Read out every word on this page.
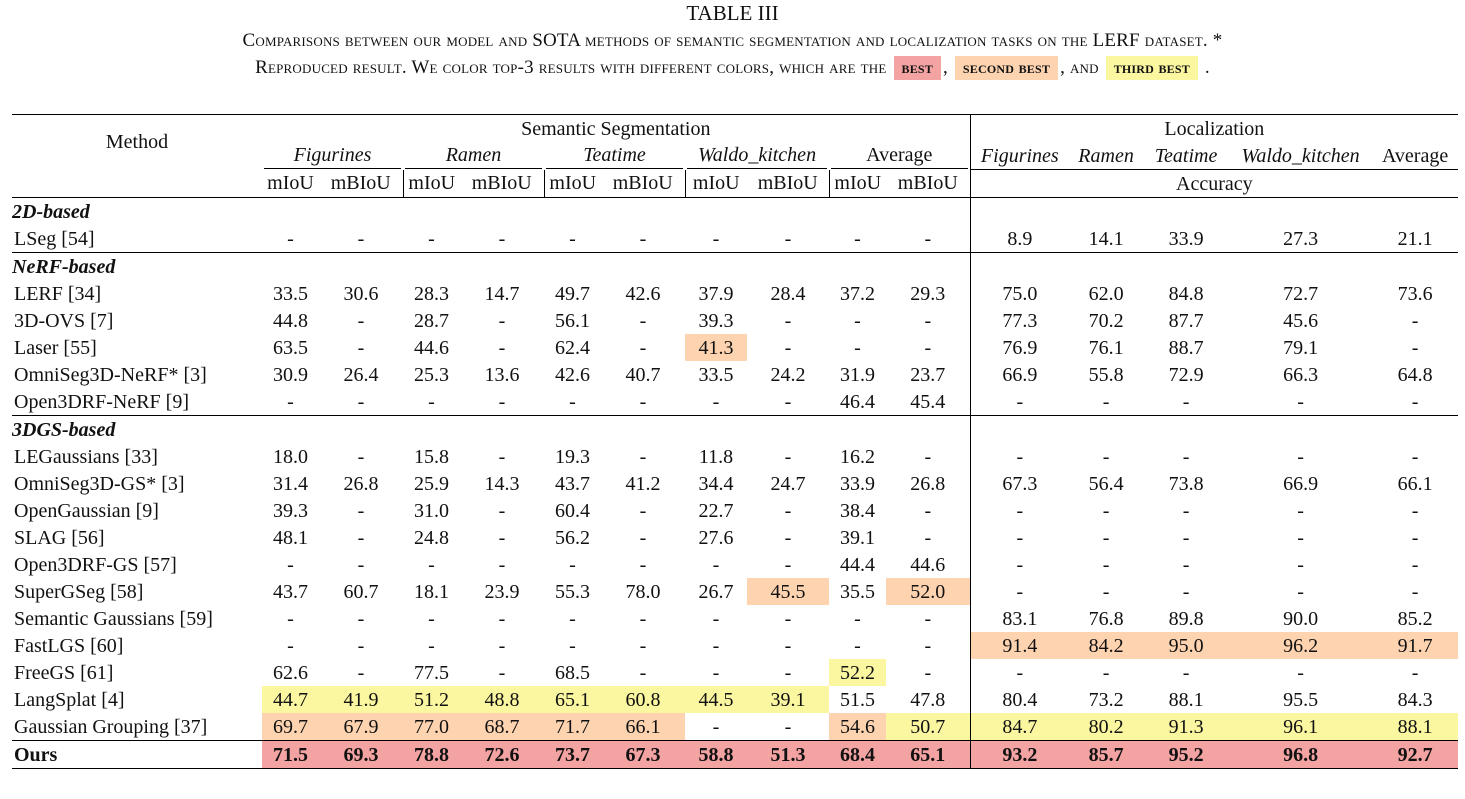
TABLE III
Comparisons between our model and SOTA methods of semantic segmentation and localization tasks on the LERF dataset. *
Reproduced result. We color top-3 results with different colors, which are the best , second best , and third best .
Method	Semantic Segmentation										Localization				

	Figurines		Ramen		Teatime		Waldo_kitchen		Average		Figurines	Ramen	Teatime	Waldo_kitchen	Average
	mIoU	mBIoU	mIoU	mBIoU	mIoU	mBIoU	mIoU	mBIoU	mIoU	mBIoU	Accuracy				
2D-based															
LSeg [54]	-	-	-	-	-	-	-	-	-	-	8.9	14.1	33.9	27.3	21.1
NeRF-based															
LERF [34]	33.5	30.6	28.3	14.7	49.7	42.6	37.9	28.4	37.2	29.3	75.0	62.0	84.8	72.7	73.6
3D-OVS [7]	44.8	-	28.7	-	56.1	-	39.3	-	-	-	77.3	70.2	87.7	45.6	-
Laser [55]	63.5	-	44.6	-	62.4	-	41.3	-	-	-	76.9	76.1	88.7	79.1	-
OmniSeg3D-NeRF* [3]	30.9	26.4	25.3	13.6	42.6	40.7	33.5	24.2	31.9	23.7	66.9	55.8	72.9	66.3	64.8
Open3DRF-NeRF [9]	-	-	-	-	-	-	-	-	46.4	45.4	-	-	-	-	-
3DGS-based															
LEGaussians [33]	18.0	-	15.8	-	19.3	-	11.8	-	16.2	-	-	-	-	-	-
OmniSeg3D-GS* [3]	31.4	26.8	25.9	14.3	43.7	41.2	34.4	24.7	33.9	26.8	67.3	56.4	73.8	66.9	66.1
OpenGaussian [9]	39.3	-	31.0	-	60.4	-	22.7	-	38.4	-	-	-	-	-	-
SLAG [56]	48.1	-	24.8	-	56.2	-	27.6	-	39.1	-	-	-	-	-	-
Open3DRF-GS [57]	-	-	-	-	-	-	-	-	44.4	44.6	-	-	-	-	-
SuperGSeg [58]	43.7	60.7	18.1	23.9	55.3	78.0	26.7	45.5	35.5	52.0	-	-	-	-	-
Semantic Gaussians [59]	-	-	-	-	-	-	-	-	-	-	83.1	76.8	89.8	90.0	85.2
FastLGS [60]	-	-	-	-	-	-	-	-	-	-	91.4	84.2	95.0	96.2	91.7
FreeGS [61]	62.6	-	77.5	-	68.5	-	-	-	52.2	-	-	-	-	-	-
LangSplat [4]	44.7	41.9	51.2	48.8	65.1	60.8	44.5	39.1	51.5	47.8	80.4	73.2	88.1	95.5	84.3
Gaussian Grouping [37]	69.7	67.9	77.0	68.7	71.7	66.1	-	-	54.6	50.7	84.7	80.2	91.3	96.1	88.1
Ours	71.5	69.3	78.8	72.6	73.7	67.3	58.8	51.3	68.4	65.1	93.2	85.7	95.2	96.8	92.7
